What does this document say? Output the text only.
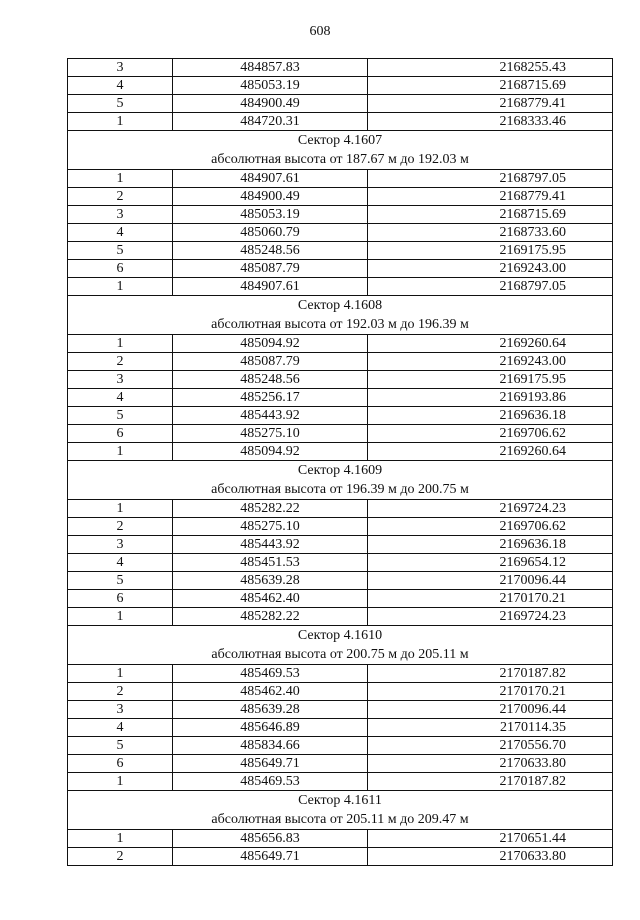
608
3	484857.83	2168255.43
4	485053.19	2168715.69
5	484900.49	2168779.41
1	484720.31	2168333.46

Сектор 4.1607
абсолютная высота от 187.67 м до 192.03 м		

1	484907.61	2168797.05
2	484900.49	2168779.41
3	485053.19	2168715.69
4	485060.79	2168733.60
5	485248.56	2169175.95
6	485087.79	2169243.00
1	484907.61	2168797.05

Сектор 4.1608
абсолютная высота от 192.03 м до 196.39 м		

1	485094.92	2169260.64
2	485087.79	2169243.00
3	485248.56	2169175.95
4	485256.17	2169193.86
5	485443.92	2169636.18
6	485275.10	2169706.62
1	485094.92	2169260.64

Сектор 4.1609
абсолютная высота от 196.39 м до 200.75 м		

1	485282.22	2169724.23
2	485275.10	2169706.62
3	485443.92	2169636.18
4	485451.53	2169654.12
5	485639.28	2170096.44
6	485462.40	2170170.21
1	485282.22	2169724.23

Сектор 4.1610
абсолютная высота от 200.75 м до 205.11 м		

1	485469.53	2170187.82
2	485462.40	2170170.21
3	485639.28	2170096.44
4	485646.89	2170114.35
5	485834.66	2170556.70
6	485649.71	2170633.80
1	485469.53	2170187.82

Сектор 4.1611
абсолютная высота от 205.11 м до 209.47 м		

1	485656.83	2170651.44
2	485649.71	2170633.80
